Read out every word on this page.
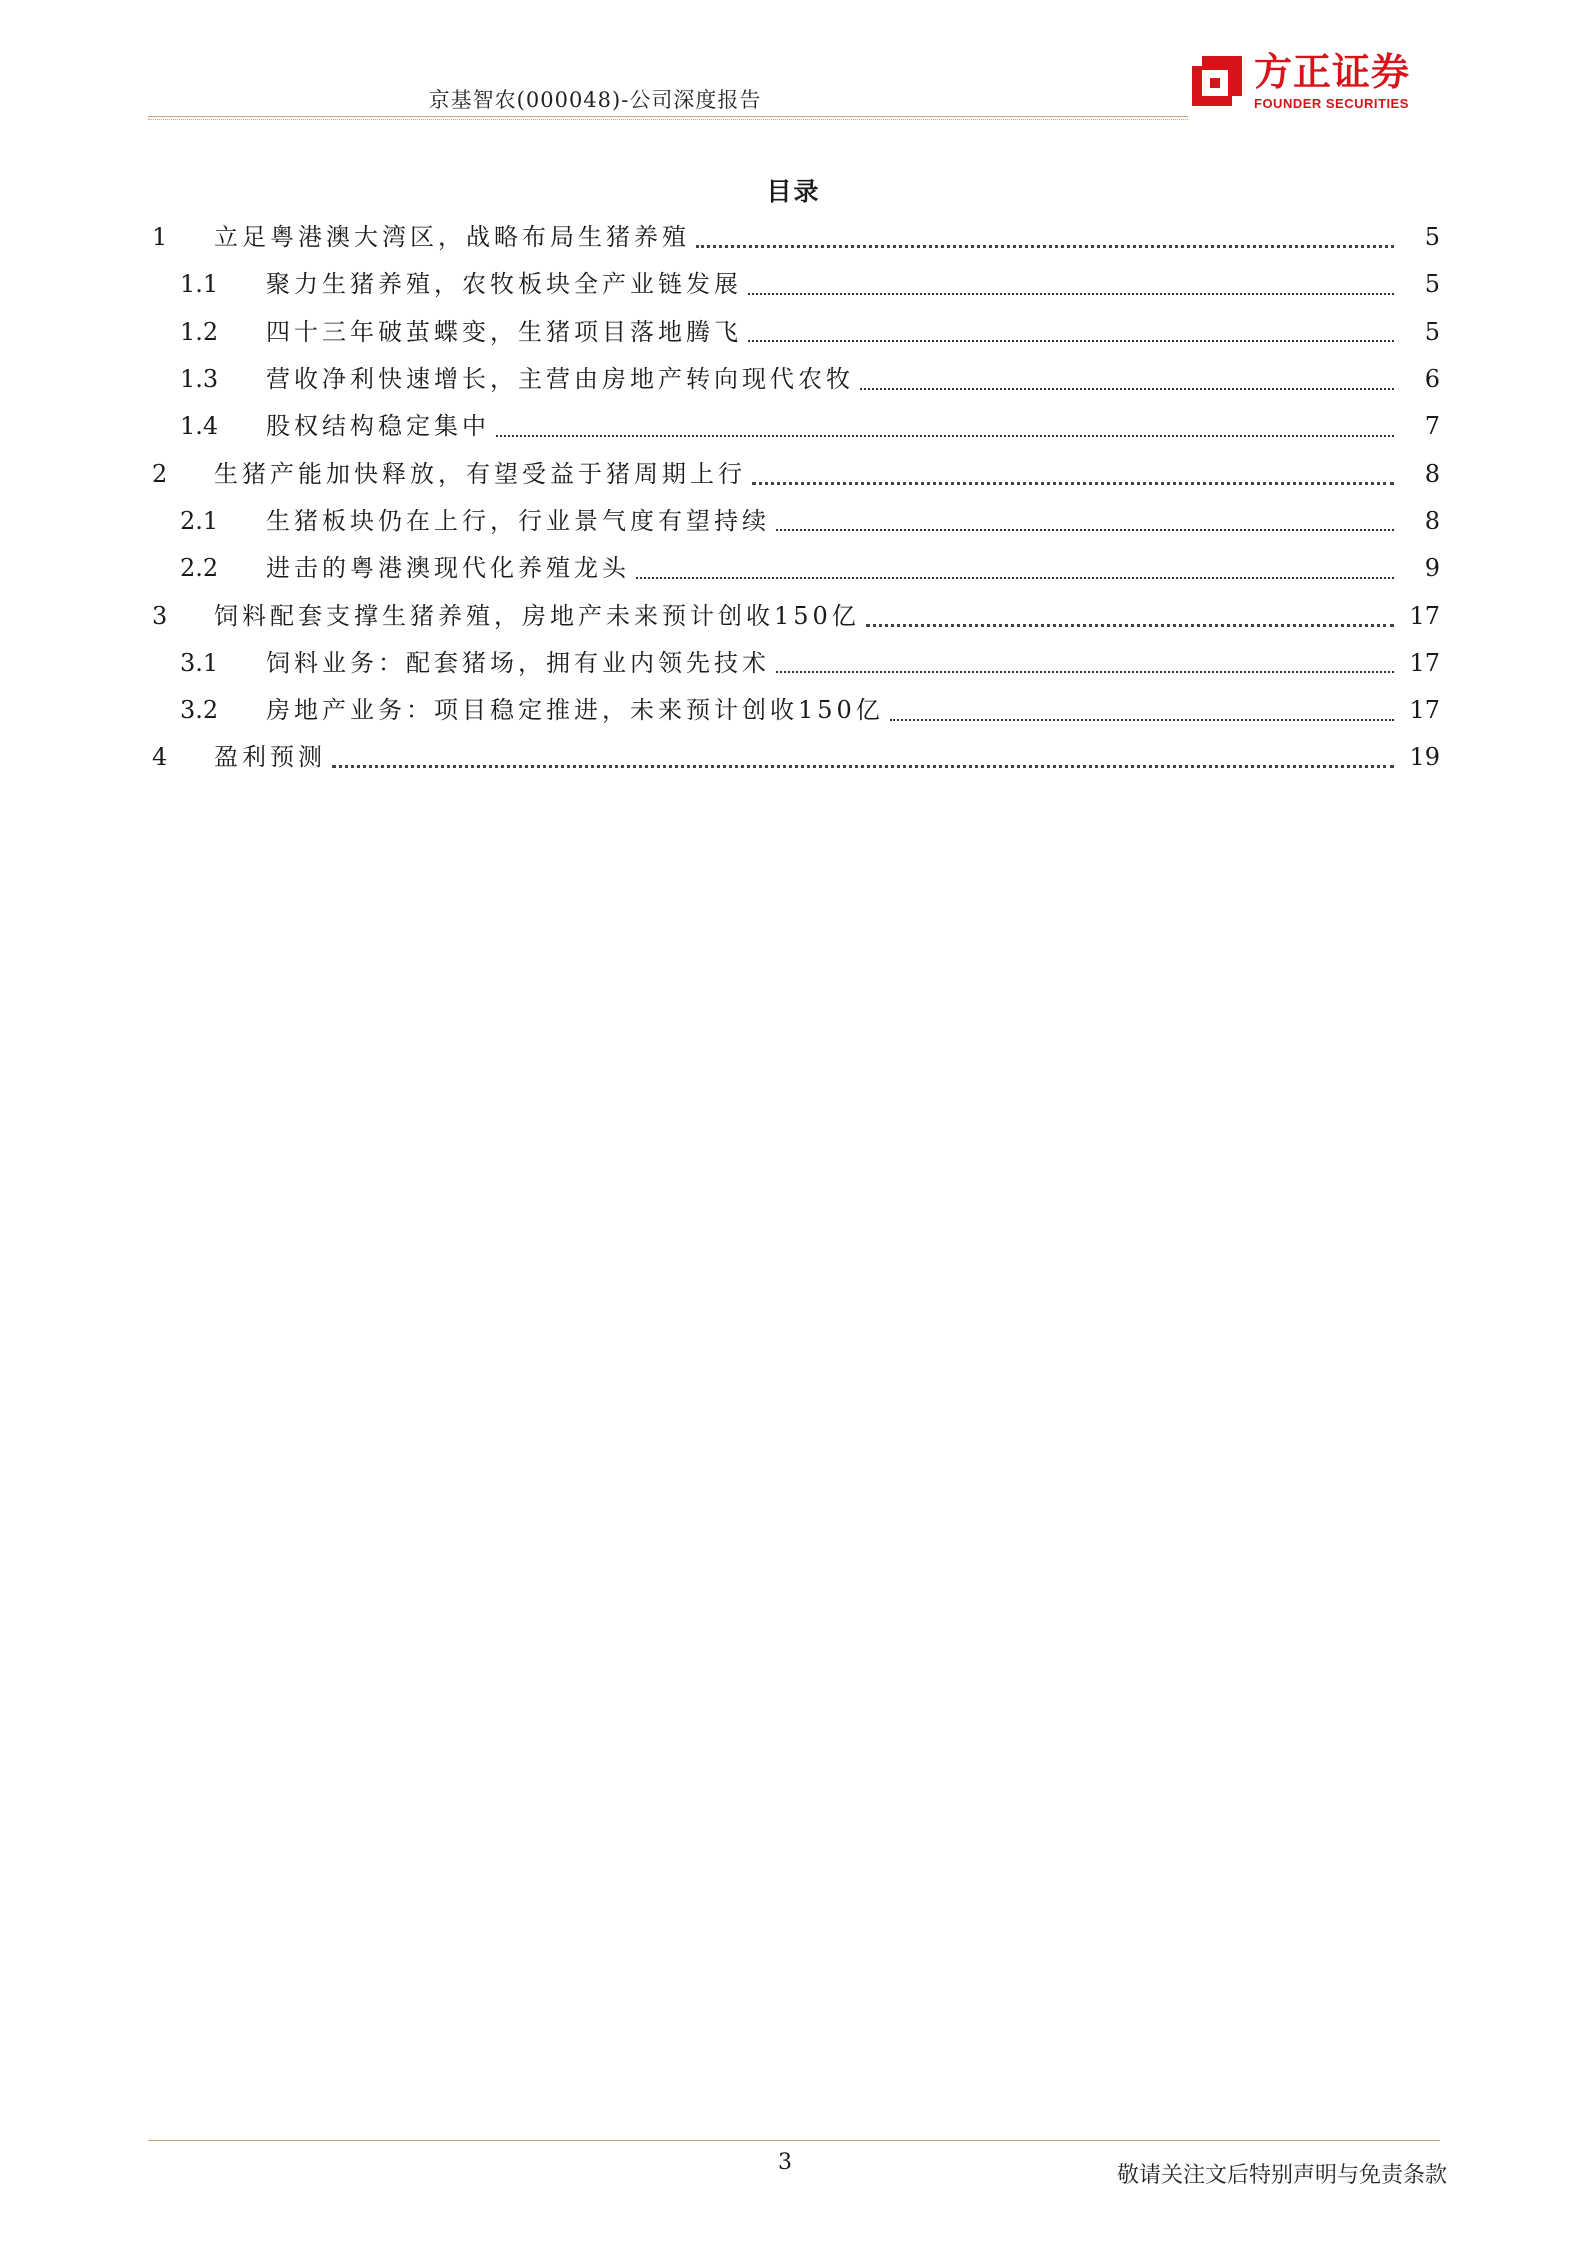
京基智农(000048)-公司深度报告
方正证券
FOUNDER SECURITIES
目录
1	立足粤港澳大湾区，战略布局生猪养殖	5
1.1	聚力生猪养殖，农牧板块全产业链发展	5
1.2	四十三年破茧蝶变，生猪项目落地腾飞	5
1.3	营收净利快速增长，主营由房地产转向现代农牧	6
1.4	股权结构稳定集中	7
2	生猪产能加快释放，有望受益于猪周期上行	8
2.1	生猪板块仍在上行，行业景气度有望持续	8
2.2	进击的粤港澳现代化养殖龙头	9
3	饲料配套支撑生猪养殖，房地产未来预计创收150亿	17
3.1	饲料业务：配套猪场，拥有业内领先技术	17
3.2	房地产业务：项目稳定推进，未来预计创收150亿	17
4	盈利预测	19
3
敬请关注文后特别声明与免责条款
